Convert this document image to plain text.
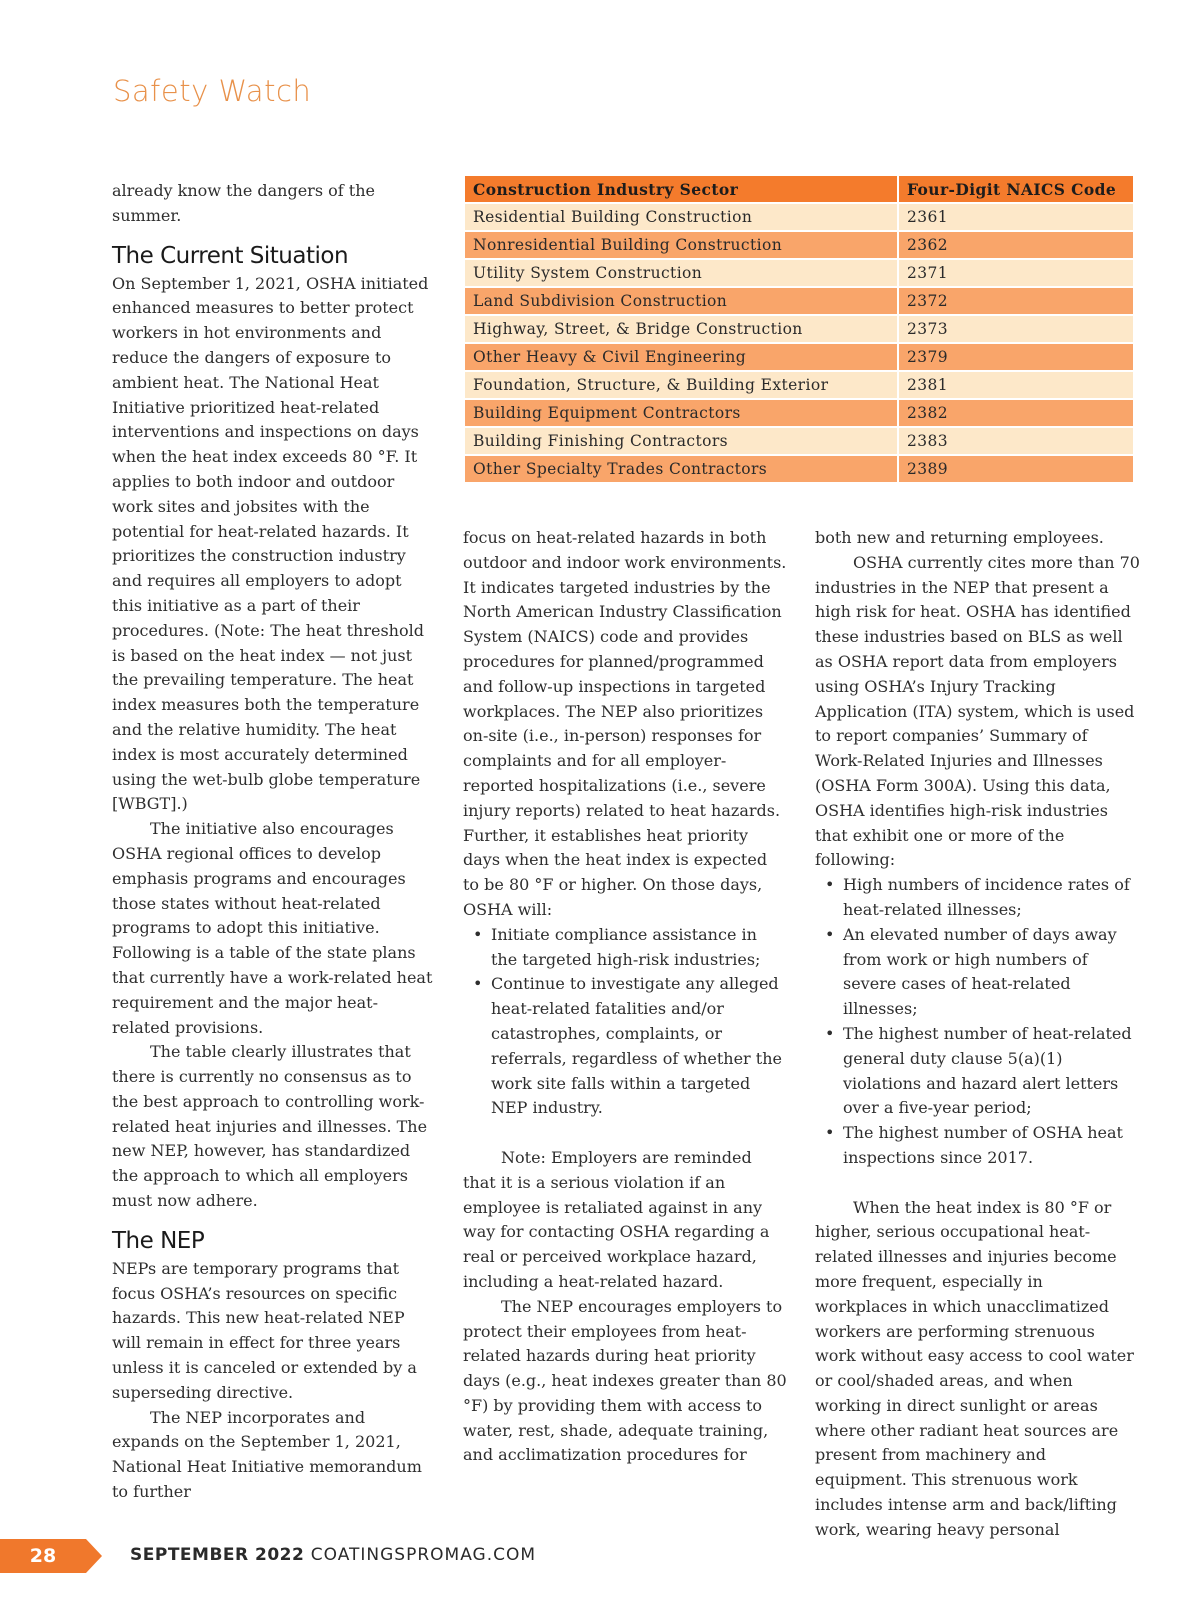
Safety Watch
Construction Industry Sector	Four-Digit NAICS Code
Residential Building Construction	2361
Nonresidential Building Construction	2362
Utility System Construction	2371
Land Subdivision Construction	2372
Highway, Street, & Bridge Construction	2373
Other Heavy & Civil Engineering	2379
Foundation, Structure, & Building Exterior	2381
Building Equipment Contractors	2382
Building Finishing Contractors	2383
Other Specialty Trades Contractors	2389

already know the dangers of the summer.

The Current Situation

On September 1, 2021, OSHA initiated enhanced measures to better protect workers in hot environments and reduce the dangers of exposure to ambient heat. The National Heat Initiative prioritized heat-related interventions and inspections on days when the heat index exceeds 80 °F. It applies to both indoor and outdoor work sites and jobsites with the potential for heat-related hazards. It prioritizes the construction industry and requires all employers to adopt this initiative as a part of their procedures. (Note: The heat threshold is based on the heat index — not just the prevailing temperature. The heat index measures both the temperature and the relative humidity. The heat index is most accurately determined using the wet-bulb globe temperature [WBGT].)

The initiative also encourages OSHA regional offices to develop emphasis programs and encourages those states without heat-related programs to adopt this initiative. Following is a table of the state plans that currently have a work-related heat requirement and the major heat-related provisions.

The table clearly illustrates that there is currently no consensus as to the best approach to controlling work-related heat injuries and illnesses. The new NEP, however, has standardized the approach to which all employers must now adhere.

The NEP

NEPs are temporary programs that focus OSHA’s resources on specific hazards. This new heat-related NEP will remain in effect for three years unless it is canceled or extended by a superseding directive.

The NEP incorporates and expands on the September 1, 2021, National Heat Initiative memorandum to further

focus on heat-related hazards in both outdoor and indoor work environments. It indicates targeted industries by the North American Industry Classification System (NAICS) code and provides procedures for planned/programmed and follow-up inspections in targeted workplaces. The NEP also prioritizes on-site (i.e., in-person) responses for complaints and for all employer-reported hospitalizations (i.e., severe injury reports) related to heat hazards. Further, it establishes heat priority days when the heat index is expected to be 80 °F or higher. On those days, OSHA will:

• Initiate compliance assistance in the targeted high-risk industries;
• Continue to investigate any alleged heat-related fatalities and/or catastrophes, complaints, or referrals, regardless of whether the work site falls within a targeted NEP industry.

Note: Employers are reminded that it is a serious violation if an employee is retaliated against in any way for contacting OSHA regarding a real or perceived workplace hazard, including a heat-related hazard.

The NEP encourages employers to protect their employees from heat-related hazards during heat priority days (e.g., heat indexes greater than 80 °F) by providing them with access to water, rest, shade, adequate training, and acclimatization procedures for

both new and returning employees.

OSHA currently cites more than 70 industries in the NEP that present a high risk for heat. OSHA has identified these industries based on BLS as well as OSHA report data from employers using OSHA’s Injury Tracking Application (ITA) system, which is used to report companies’ Summary of Work-Related Injuries and Illnesses (OSHA Form 300A). Using this data, OSHA identifies high-risk industries that exhibit one or more of the following:

• High numbers of incidence rates of heat-related illnesses;
• An elevated number of days away from work or high numbers of severe cases of heat-related illnesses;
• The highest number of heat-related general duty clause 5(a)(1) violations and hazard alert letters over a five-year period;
• The highest number of OSHA heat inspections since 2017.

When the heat index is 80 °F or higher, serious occupational heat-related illnesses and injuries become more frequent, especially in workplaces in which unacclimatized workers are performing strenuous work without easy access to cool water or cool/shaded areas, and when working in direct sunlight or areas where other radiant heat sources are present from machinery and equipment. This strenuous work includes intense arm and back/lifting work, wearing heavy personal

28	SEPTEMBER 2022 COATINGSPROMAG.COM
